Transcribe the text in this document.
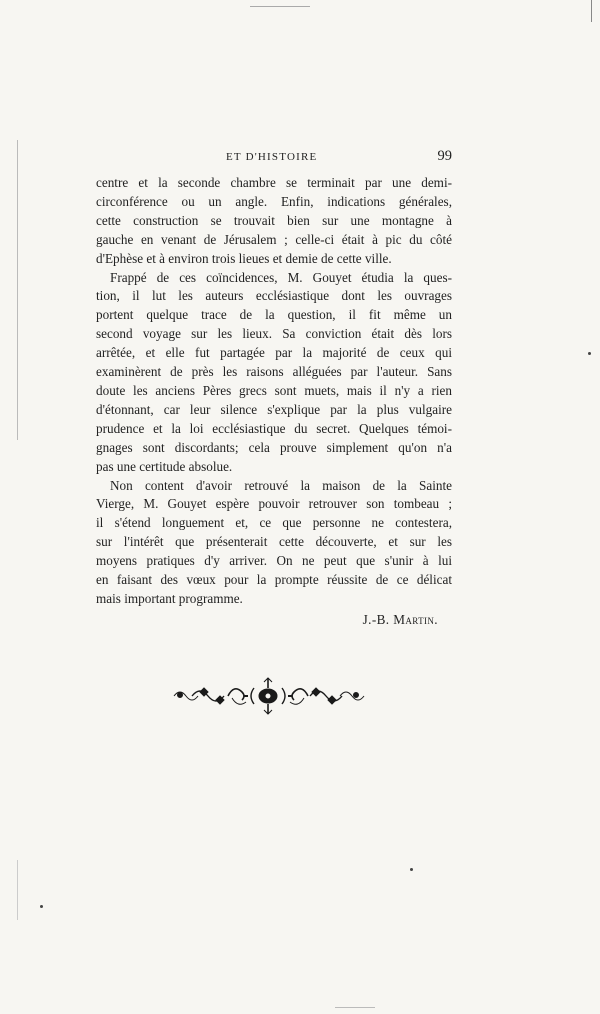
ET D'HISTOIRE	99

centre et la seconde chambre se terminait par une demi-
circonférence ou un angle. Enfin, indications générales,
cette construction se trouvait bien sur une montagne à
gauche en venant de Jérusalem ; celle-ci était à pic du côté
d'Ephèse et à environ trois lieues et demie de cette ville.

Frappé de ces coïncidences, M. Gouyet étudia la ques-
tion, il lut les auteurs ecclésiastique dont les ouvrages
portent quelque trace de la question, il fit même un
second voyage sur les lieux. Sa conviction était dès lors
arrêtée, et elle fut partagée par la majorité de ceux qui
examinèrent de près les raisons alléguées par l'auteur. Sans
doute les anciens Pères grecs sont muets, mais il n'y a rien
d'étonnant, car leur silence s'explique par la plus vulgaire
prudence et la loi ecclésiastique du secret. Quelques témoi-
gnages sont discordants; cela prouve simplement qu'on n'a
pas une certitude absolue.

Non content d'avoir retrouvé la maison de la Sainte
Vierge, M. Gouyet espère pouvoir retrouver son tombeau ;
il s'étend longuement et, ce que personne ne contestera,
sur l'intérêt que présenterait cette découverte, et sur les
moyens pratiques d'y arriver. On ne peut que s'unir à lui
en faisant des vœux pour la prompte réussite de ce délicat
mais important programme.

J.-B. Martin.
